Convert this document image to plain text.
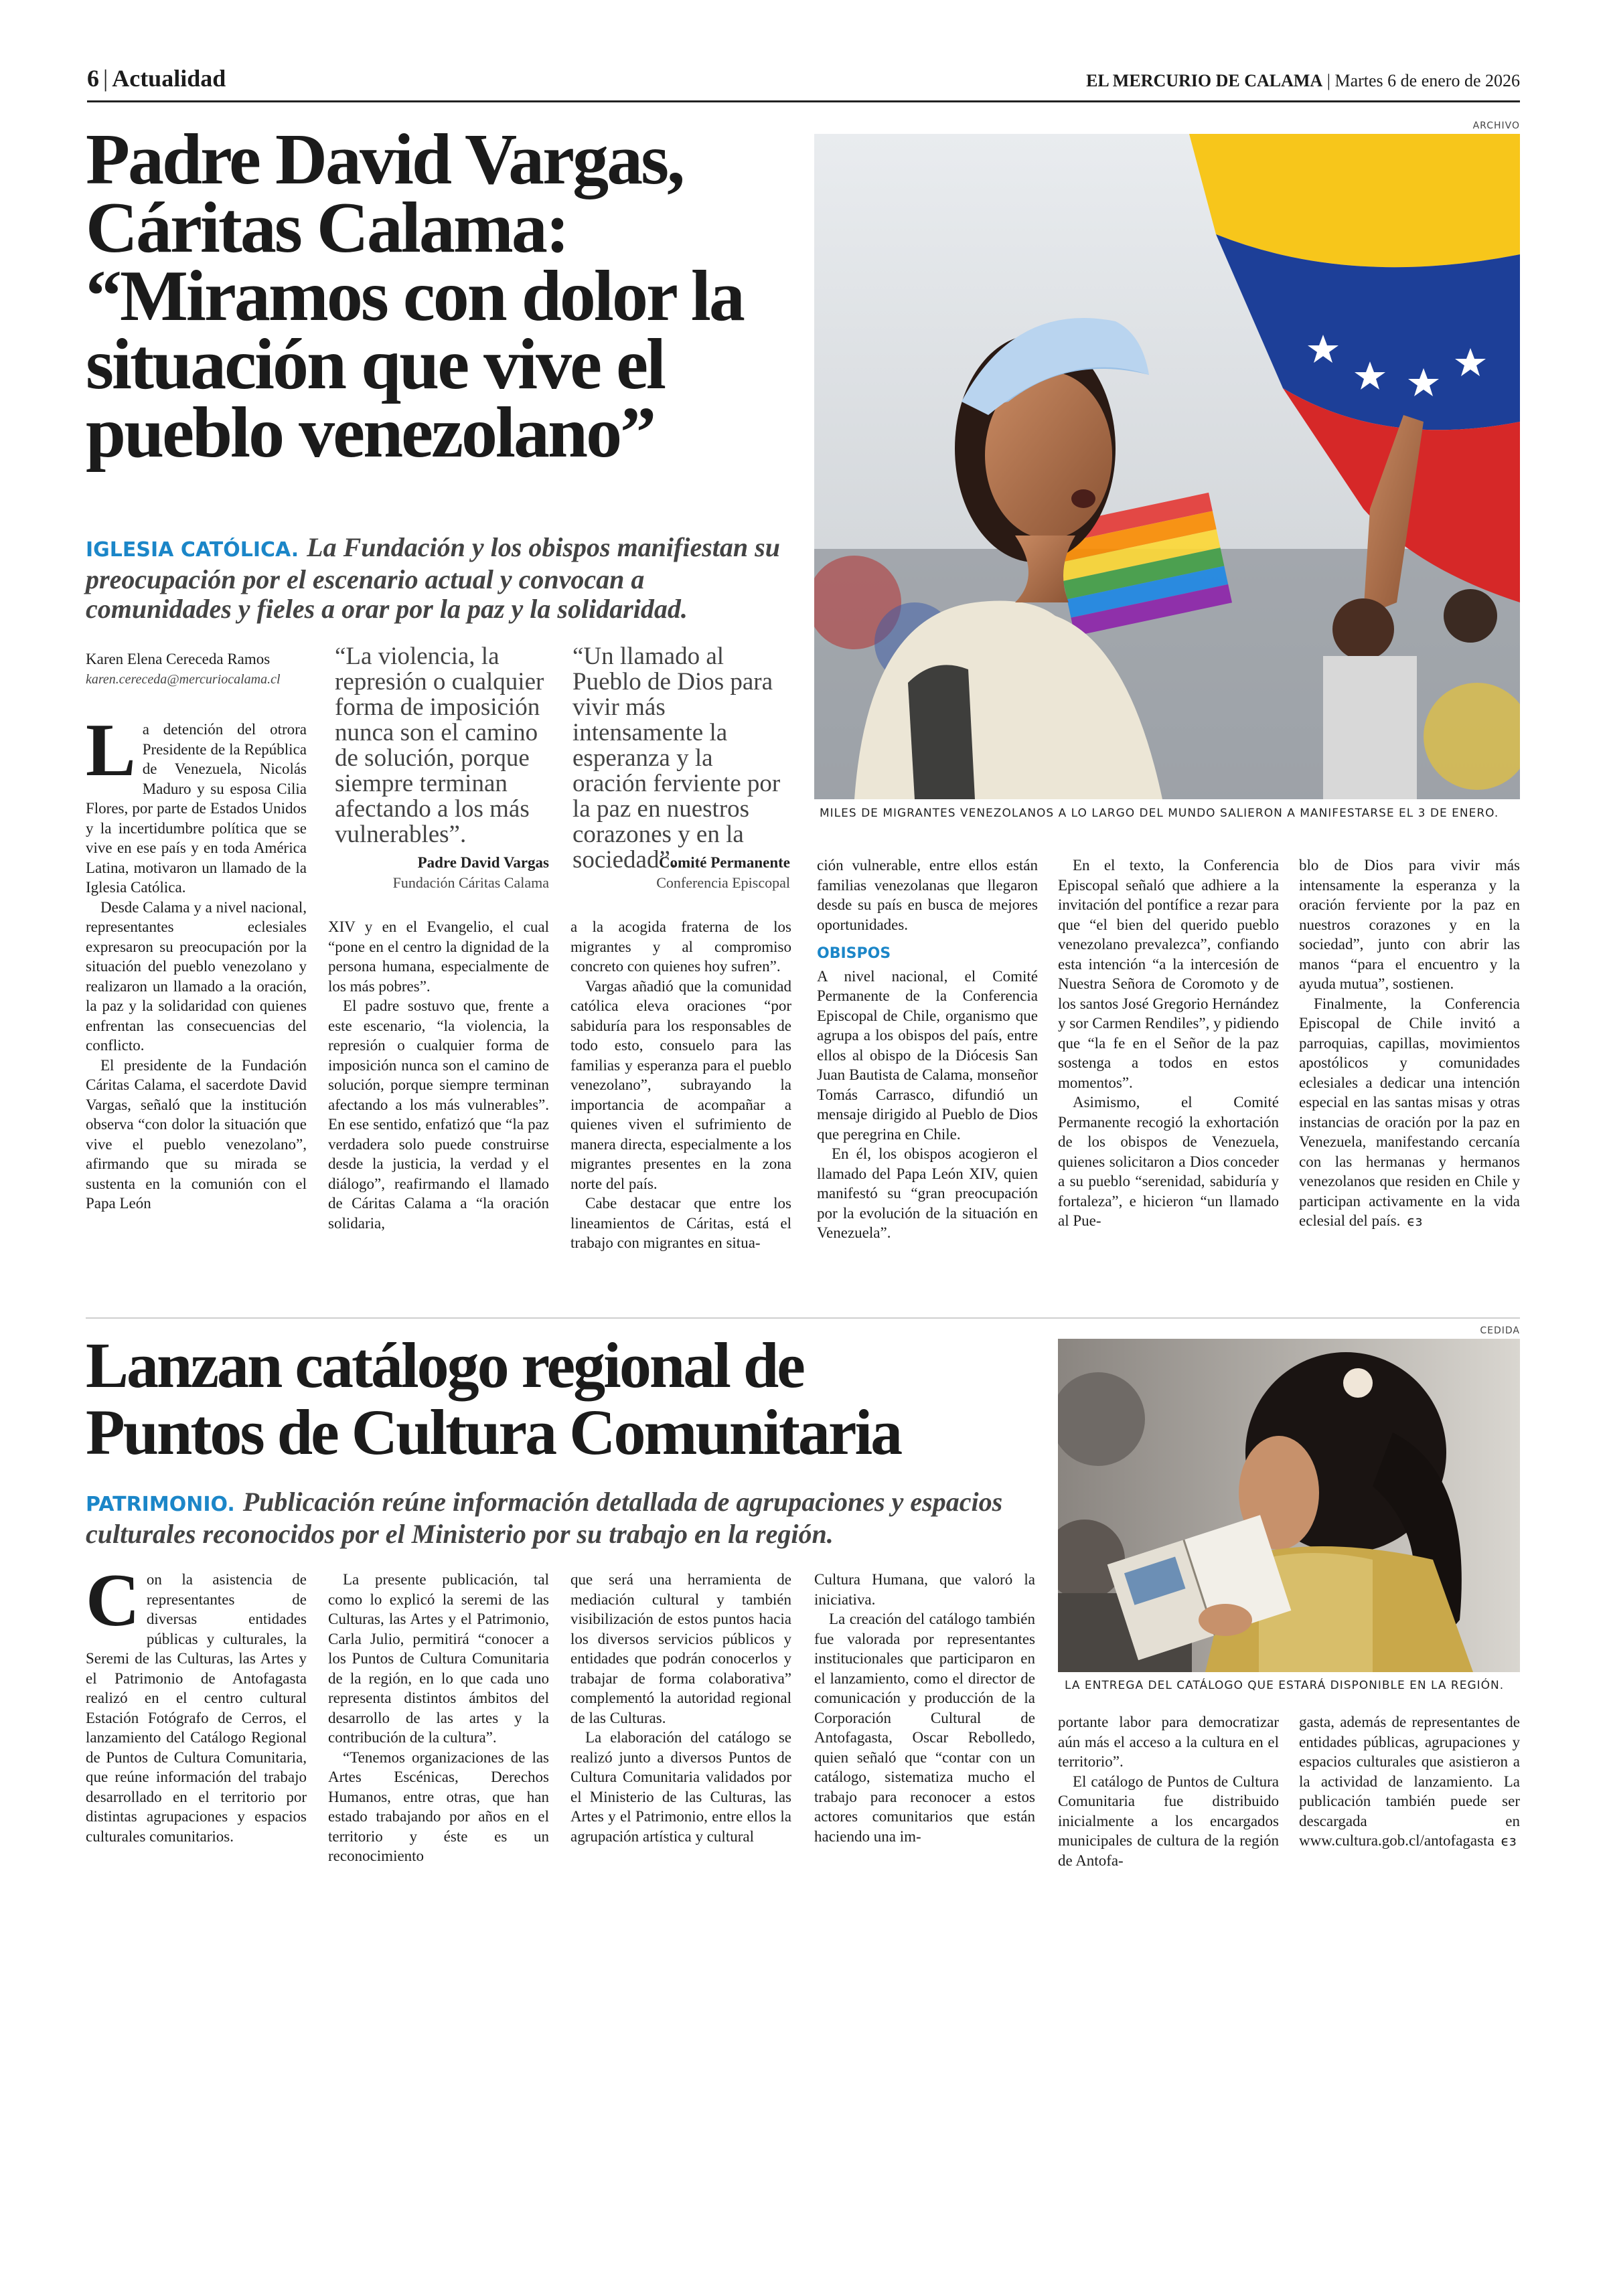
6 | Actualidad	EL MERCURIO DE CALAMA | Martes 6 de enero de 2026
Padre David Vargas,
Cáritas Calama:
“Miramos con dolor la
situación que vive el
pueblo venezolano”
IGLESIA CATÓLICA. La Fundación y los obispos manifiestan su preocupación por el escenario actual y convocan a comunidades y fieles a orar por la paz y la solidaridad.
ARCHIVO
MILES DE MIGRANTES VENEZOLANOS A LO LARGO DEL MUNDO SALIERON A MANIFESTARSE EL 3 DE ENERO.
Karen Elena Cereceda Ramos
karen.cereceda@mercuriocalama.cl
“La violencia, la represión o cualquier forma de imposición nunca son el camino de solución, porque siempre terminan afectando a los más vulnerables”.
“Un llamado al Pueblo de Dios para vivir más intensamente la esperanza y la oración ferviente por la paz en nuestros corazones y en la sociedad”.
Padre David Vargas
Fundación Cáritas Calama
Comité Permanente
Conferencia Episcopal
L a detención del otrora Presidente de la República de Venezuela, Nicolás Maduro y su esposa Cilia Flores, por parte de Estados Unidos y la incertidumbre política que se vive en ese país y en toda América Latina, motivaron un llamado de la Iglesia Católica.

Desde Calama y a nivel nacional, representantes eclesiales expresaron su preocupación por la situación del pueblo venezolano y realizaron un llamado a la oración, la paz y la solidaridad con quienes enfrentan las consecuencias del conflicto.

El presidente de la Fundación Cáritas Calama, el sacerdote David Vargas, señaló que la institución observa “con dolor la situación que vive el pueblo venezolano”, afirmando que su mirada se sustenta en la comunión con el Papa León

XIV y en el Evangelio, el cual “pone en el centro la dignidad de la persona humana, especialmente de los más pobres”.

El padre sostuvo que, frente a este escenario, “la violencia, la represión o cualquier forma de imposición nunca son el camino de solución, porque siempre terminan afectando a los más vulnerables”. En ese sentido, enfatizó que “la paz verdadera solo puede construirse desde la justicia, la verdad y el diálogo”, reafirmando el llamado de Cáritas Calama a “la oración solidaria,

a la acogida fraterna de los migrantes y al compromiso concreto con quienes hoy sufren”.

Vargas añadió que la comunidad católica eleva oraciones “por sabiduría para los responsables de todo esto, consuelo para las familias y esperanza para el pueblo venezolano”, subrayando la importancia de acompañar a quienes viven el sufrimiento de manera directa, especialmente a los migrantes presentes en la zona norte del país.

Cabe destacar que entre los lineamientos de Cáritas, está el trabajo con migrantes en situa-

ción vulnerable, entre ellos están familias venezolanas que llegaron desde su país en busca de mejores oportunidades.

OBISPOS

A nivel nacional, el Comité Permanente de la Conferencia Episcopal de Chile, organismo que agrupa a los obispos del país, entre ellos al obispo de la Diócesis San Juan Bautista de Calama, monseñor Tomás Carrasco, difundió un mensaje dirigido al Pueblo de Dios que peregrina en Chile.

En él, los obispos acogieron el llamado del Papa León XIV, quien manifestó su “gran preocupación por la evolución de la situación en Venezuela”.

En el texto, la Conferencia Episcopal señaló que adhiere a la invitación del pontífice a rezar para que “el bien del querido pueblo venezolano prevalezca”, confiando esta intención “a la intercesión de Nuestra Señora de Coromoto y de los santos José Gregorio Hernández y sor Carmen Rendiles”, y pidiendo que “la fe en el Señor de la paz sostenga a todos en estos momentos”.

Asimismo, el Comité Permanente recogió la exhortación de los obispos de Venezuela, quienes solicitaron a Dios conceder a su pueblo “serenidad, sabiduría y fortaleza”, e hicieron “un llamado al Pue-

blo de Dios para vivir más intensamente la esperanza y la oración ferviente por la paz en nuestros corazones y en la sociedad”, junto con abrir las manos “para el encuentro y la ayuda mutua”, sostienen.

Finalmente, la Conferencia Episcopal de Chile invitó a parroquias, capillas, movimientos apostólicos y comunidades eclesiales a dedicar una intención especial en las santas misas y otras instancias de oración por la paz en Venezuela, manifestando cercanía con las hermanas y hermanos venezolanos que residen en Chile y participan activamente en la vida eclesial del país. ϵз

Lanzan catálogo regional de
Puntos de Cultura Comunitaria
PATRIMONIO. Publicación reúne información detallada de agrupaciones y espacios culturales reconocidos por el Ministerio por su trabajo en la región.
CEDIDA
LA ENTREGA DEL CATÁLOGO QUE ESTARÁ DISPONIBLE EN LA REGIÓN.
C on la asistencia de representantes de diversas entidades públicas y culturales, la Seremi de las Culturas, las Artes y el Patrimonio de Antofagasta realizó en el centro cultural Estación Fotógrafo de Cerros, el lanzamiento del Catálogo Regional de Puntos de Cultura Comunitaria, que reúne información del trabajo desarrollado en el territorio por distintas agrupaciones y espacios culturales comunitarios.

La presente publicación, tal como lo explicó la seremi de las Culturas, las Artes y el Patrimonio, Carla Julio, permitirá “conocer a los Puntos de Cultura Comunitaria de la región, en lo que cada uno representa distintos ámbitos del desarrollo de las artes y la contribución de la cultura”.

“Tenemos organizaciones de las Artes Escénicas, Derechos Humanos, entre otras, que han estado trabajando por años en el territorio y éste es un reconocimiento

que será una herramienta de mediación cultural y también visibilización de estos puntos hacia los diversos servicios públicos y entidades que podrán conocerlos y trabajar de forma colaborativa” complementó la autoridad regional de las Culturas.

La elaboración del catálogo se realizó junto a diversos Puntos de Cultura Comunitaria validados por el Ministerio de las Culturas, las Artes y el Patrimonio, entre ellos la agrupación artística y cultural

Cultura Humana, que valoró la iniciativa.

La creación del catálogo también fue valorada por representantes institucionales que participaron en el lanzamiento, como el director de comunicación y producción de la Corporación Cultural de Antofagasta, Oscar Rebolledo, quien señaló que “contar con un catálogo, sistematiza mucho el trabajo para reconocer a estos actores comunitarios que están haciendo una im-

portante labor para democratizar aún más el acceso a la cultura en el territorio”.

El catálogo de Puntos de Cultura Comunitaria fue distribuido inicialmente a los encargados municipales de cultura de la región de Antofa-

gasta, además de representantes de entidades públicas, agrupaciones y espacios culturales que asistieron a la actividad de lanzamiento. La publicación también puede ser descargada en www.cultura.gob.cl/antofagasta ϵз
